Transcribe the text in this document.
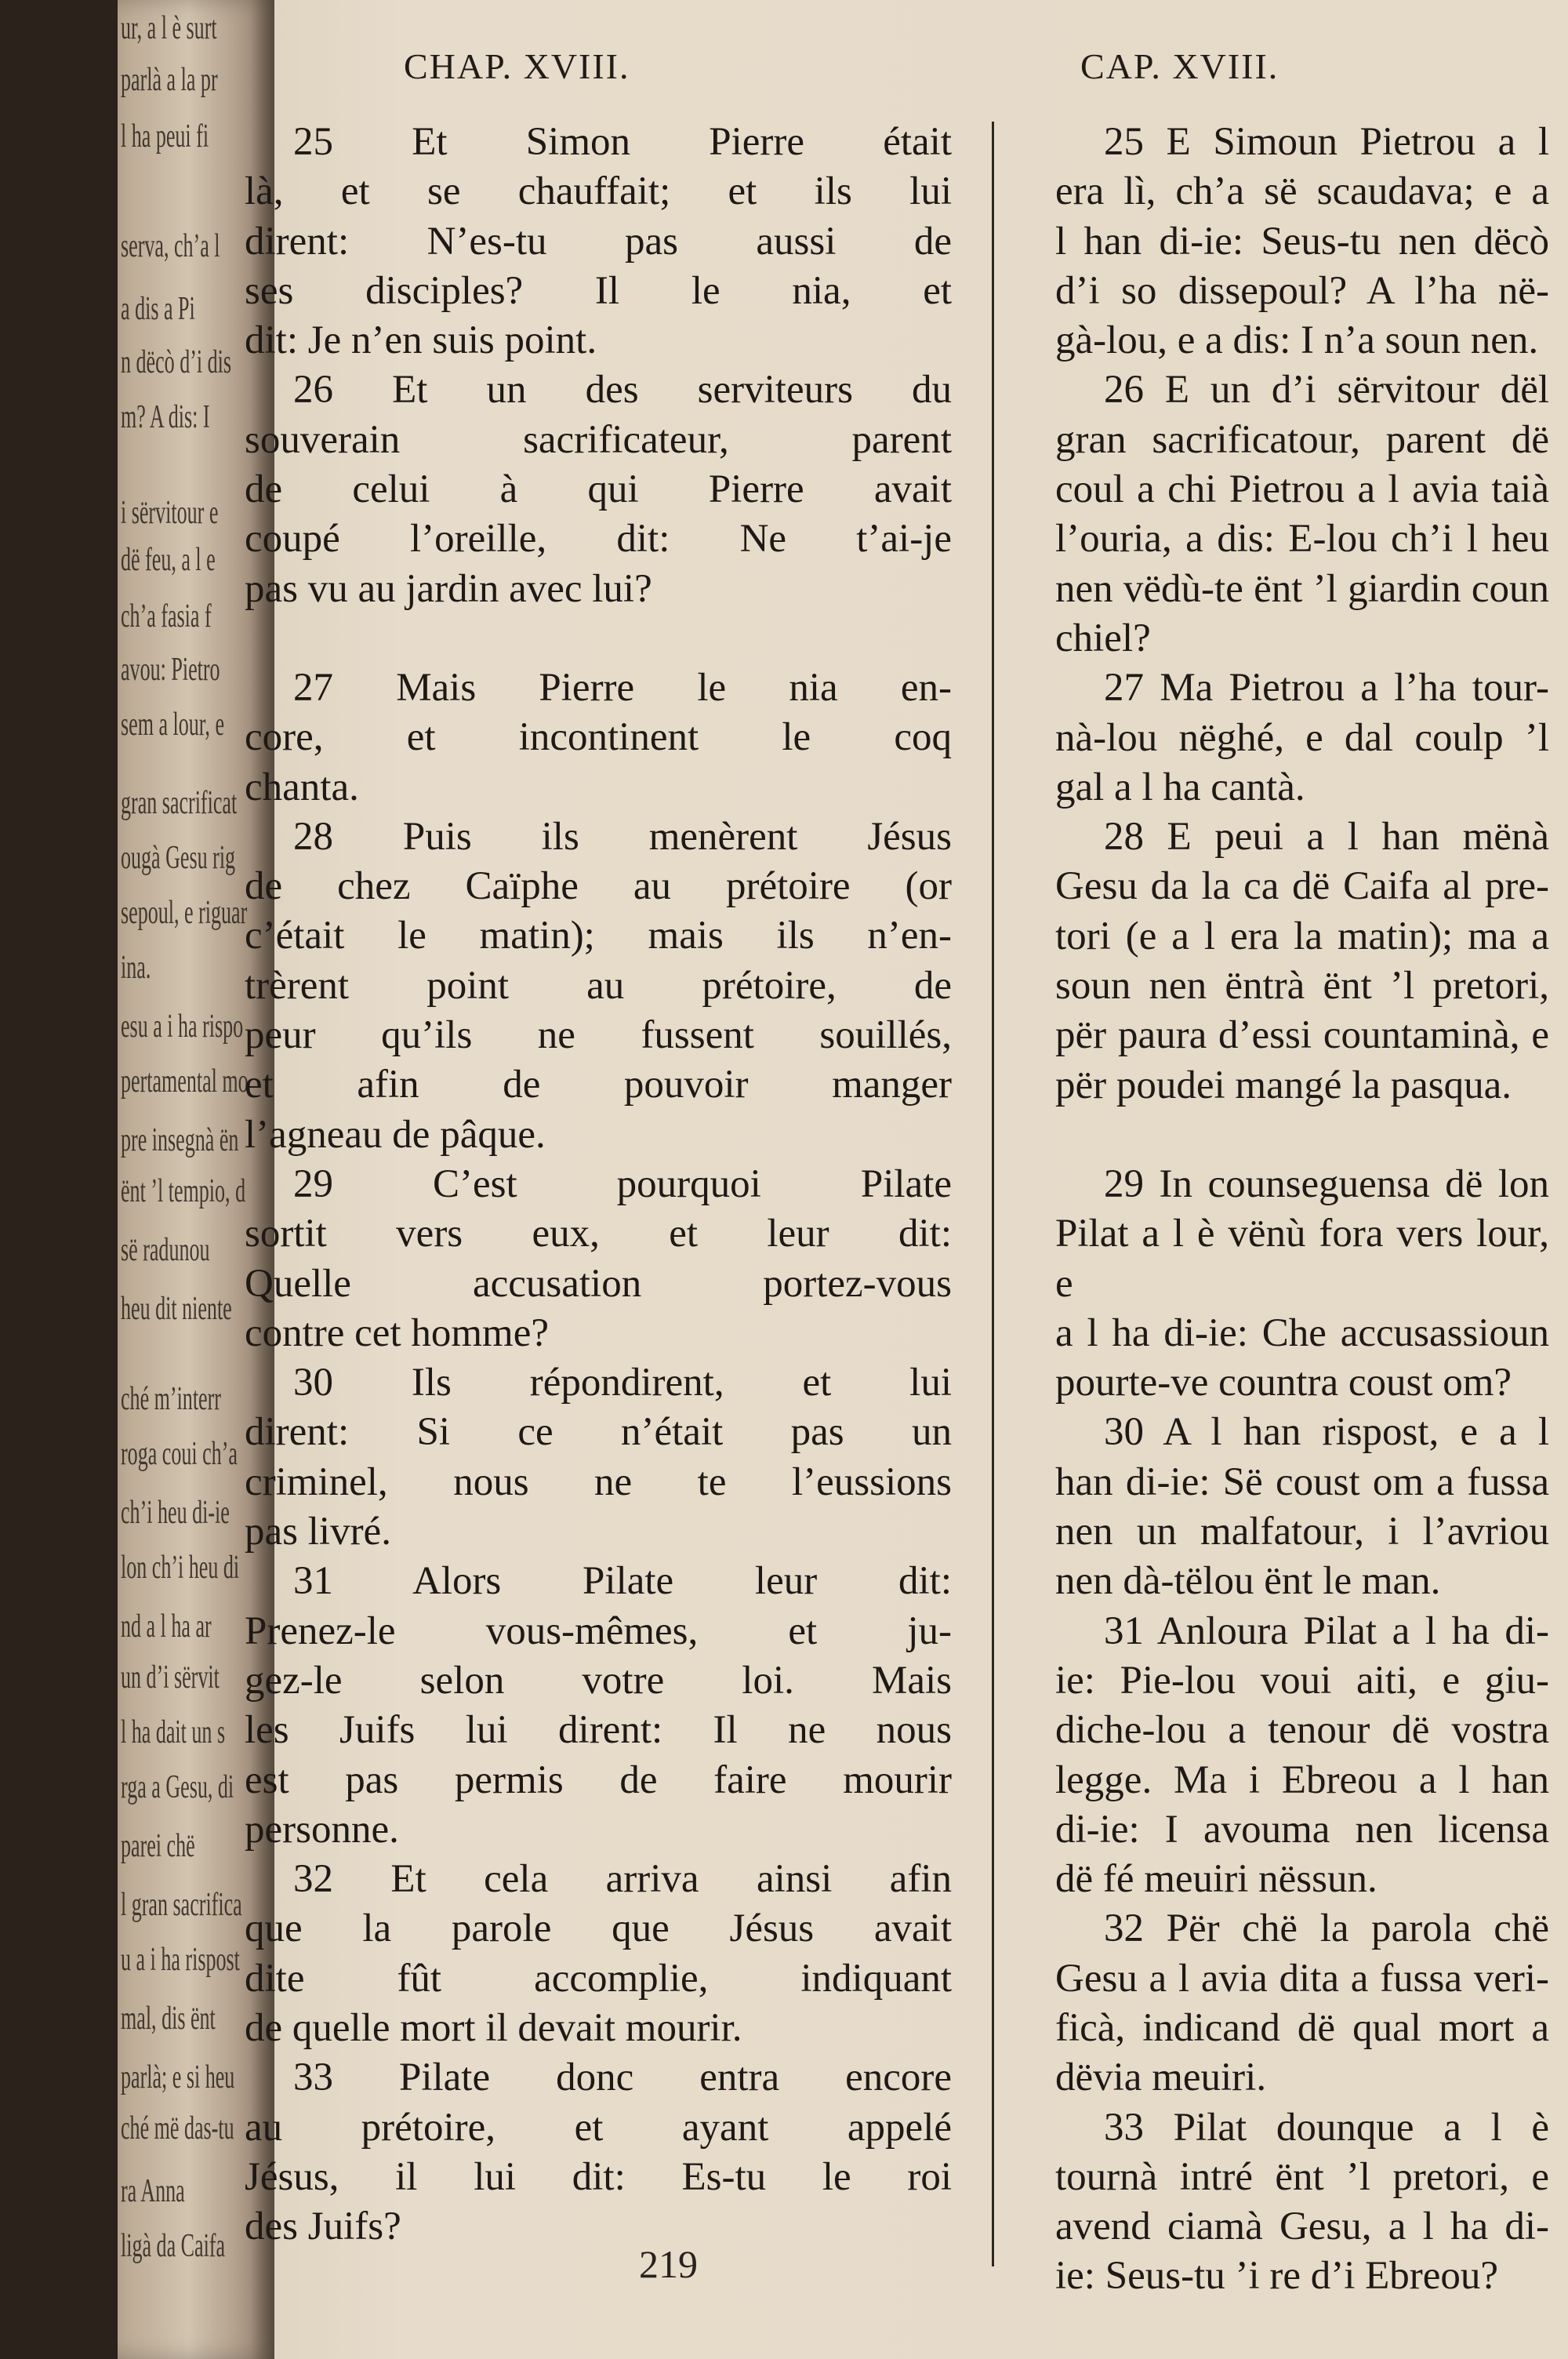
ur, a l è surt
parlà a la pr
l ha peui fi
serva, ch’a l
a dis a Pi
n dëcò d’i dis
m? A dis: I
i sërvitour e
dë feu, a l e
ch’a fasia f
avou: Pietro
sem a lour, e
gran sacrificat
ougà Gesu rig
sepoul, e riguar
ina.
esu a i ha rispo
pertamental mo
pre insegnà ën
ënt ’l tempio, d
së radunou
heu dit niente
ché m’interr
roga coui ch’a
ch’i heu di-ie
lon ch’i heu di
nd a l ha ar
un d’i sërvit
l ha dait un s
rga a Gesu, di
parei chë
l gran sacrifica
u a i ha rispost
mal, dis ënt
parlà; e si heu
ché më das-tu
ra Anna
ligà da Caifa
CHAP. XVIII.	CAP. XVIII.

25 Et Simon Pierre était

là, et se chauffait; et ils lui

dirent: N’es-tu pas aussi de

ses disciples? Il le nia, et

dit: Je n’en suis point.

26 Et un des serviteurs du

souverain sacrificateur, parent

de celui à qui Pierre avait

coupé l’oreille, dit: Ne t’ai-je

pas vu au jardin avec lui?

27 Mais Pierre le nia en-

core, et incontinent le coq

chanta.

28 Puis ils menèrent Jésus

de chez Caïphe au prétoire (or

c’était le matin); mais ils n’en-

trèrent point au prétoire, de

peur qu’ils ne fussent souillés,

et afin de pouvoir manger

l’agneau de pâque.

29 C’est pourquoi Pilate

sortit vers eux, et leur dit:

Quelle accusation portez-vous

contre cet homme?

30 Ils répondirent, et lui

dirent: Si ce n’était pas un

criminel, nous ne te l’eussions

pas livré.

31 Alors Pilate leur dit:

Prenez-le vous-mêmes, et ju-

gez-le selon votre loi. Mais

les Juifs lui dirent: Il ne nous

est pas permis de faire mourir

personne.

32 Et cela arriva ainsi afin

que la parole que Jésus avait

dite fût accomplie, indiquant

de quelle mort il devait mourir.

33 Pilate donc entra encore

au prétoire, et ayant appelé

Jésus, il lui dit: Es-tu le roi

des Juifs?

25 E Simoun Pietrou a l

era lì, ch’a së scaudava; e a

l han di-ie: Seus-tu nen dëcò

d’i so dissepoul? A l’ha në-

gà-lou, e a dis: I n’a soun nen.

26 E un d’i sërvitour dël

gran sacrificatour, parent dë

coul a chi Pietrou a l avia taià

l’ouria, a dis: E-lou ch’i l heu

nen vëdù-te ënt ’l giardin coun

chiel?

27 Ma Pietrou a l’ha tour-

nà-lou nëghé, e dal coulp ’l

gal a l ha cantà.

28 E peui a l han mënà

Gesu da la ca dë Caifa al pre-

tori (e a l era la matin); ma a

soun nen ëntrà ënt ’l pretori,

për paura d’essi countaminà, e

për poudei mangé la pasqua.

29 In counseguensa dë lon

Pilat a l è vënù fora vers lour, e

a l ha di-ie: Che accusassioun

pourte-ve countra coust om?

30 A l han rispost, e a l

han di-ie: Së coust om a fussa

nen un malfatour, i l’avriou

nen dà-tëlou ënt le man.

31 Anloura Pilat a l ha di-

ie: Pie-lou voui aiti, e giu-

diche-lou a tenour dë vostra

legge. Ma i Ebreou a l han

di-ie: I avouma nen licensa

dë fé meuiri nëssun.

32 Për chë la parola chë

Gesu a l avia dita a fussa veri-

ficà, indicand dë qual mort a

dëvia meuiri.

33 Pilat dounque a l è

tournà intré ënt ’l pretori, e

avend ciamà Gesu, a l ha di-

ie: Seus-tu ’i re d’i Ebreou?

219
